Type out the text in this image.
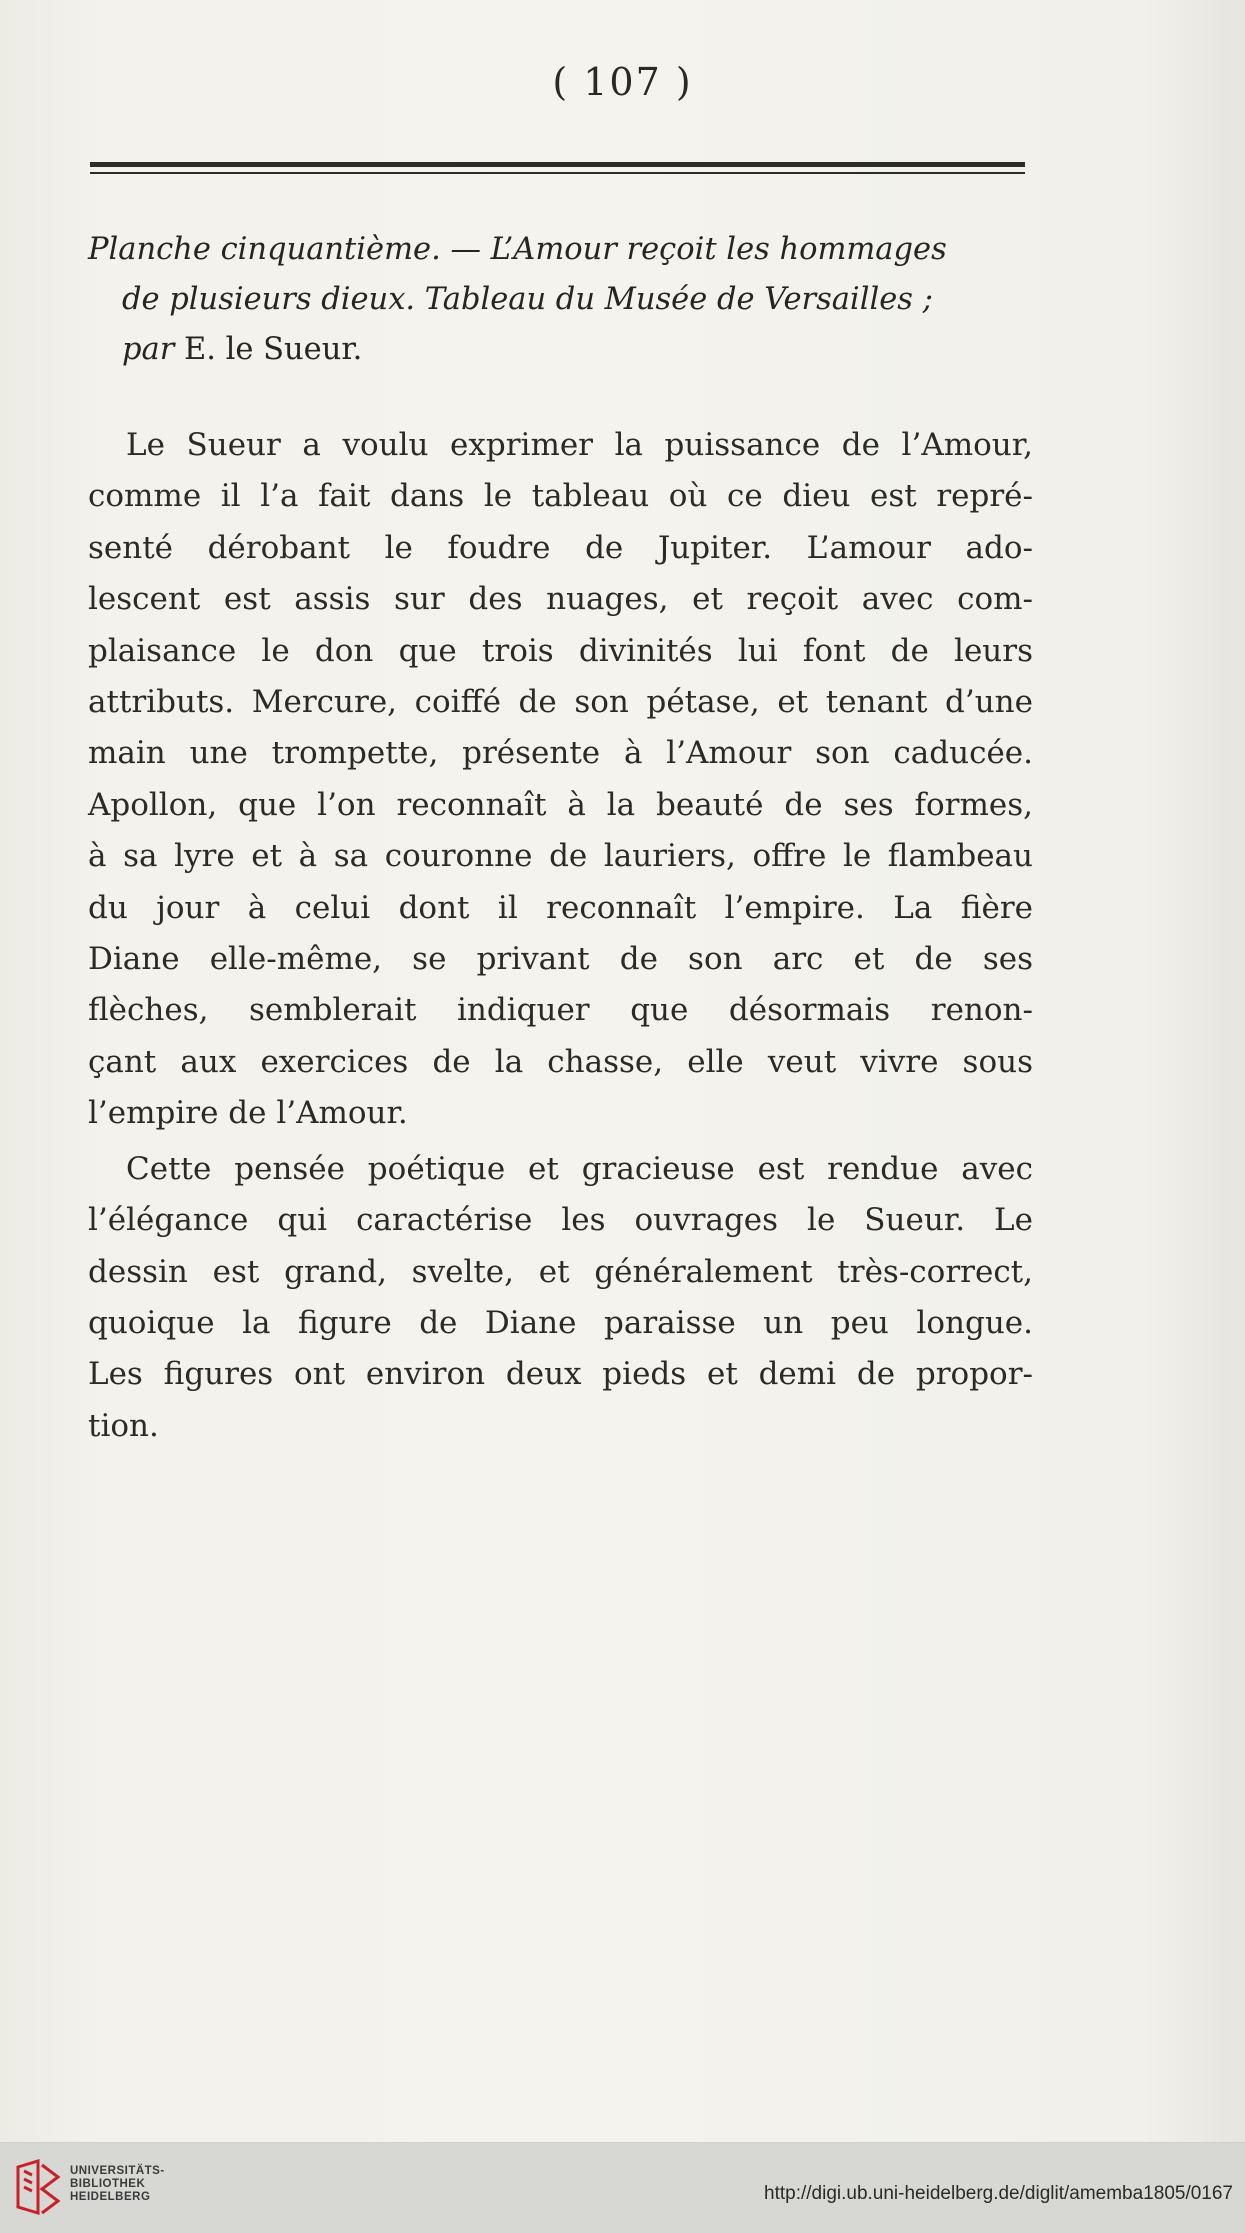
( 107 )
Planche cinquantième. — L’Amour reçoit les hommages
de plusieurs dieux. Tableau du Musée de Versailles ;
par E. le Sueur.
Le Sueur a voulu exprimer la puissance de l’Amour,
comme il l’a fait dans le tableau où ce dieu est repré-
senté dérobant le foudre de Jupiter. L’amour ado-
lescent est assis sur des nuages, et reçoit avec com-
plaisance le don que trois divinités lui font de leurs
attributs. Mercure, coiffé de son pétase, et tenant d’une
main une trompette, présente à l’Amour son caducée.
Apollon, que l’on reconnaît à la beauté de ses formes,
à sa lyre et à sa couronne de lauriers, offre le flambeau
du jour à celui dont il reconnaît l’empire. La fière
Diane elle-même, se privant de son arc et de ses
flèches, semblerait indiquer que désormais renon-
çant aux exercices de la chasse, elle veut vivre sous
l’empire de l’Amour.
Cette pensée poétique et gracieuse est rendue avec
l’élégance qui caractérise les ouvrages le Sueur. Le
dessin est grand, svelte, et généralement très-correct,
quoique la figure de Diane paraisse un peu longue.
Les figures ont environ deux pieds et demi de propor-
tion.
UNIVERSITÄTS-
BIBLIOTHEK
HEIDELBERG	http://digi.ub.uni-heidelberg.de/diglit/amemba1805/0167
